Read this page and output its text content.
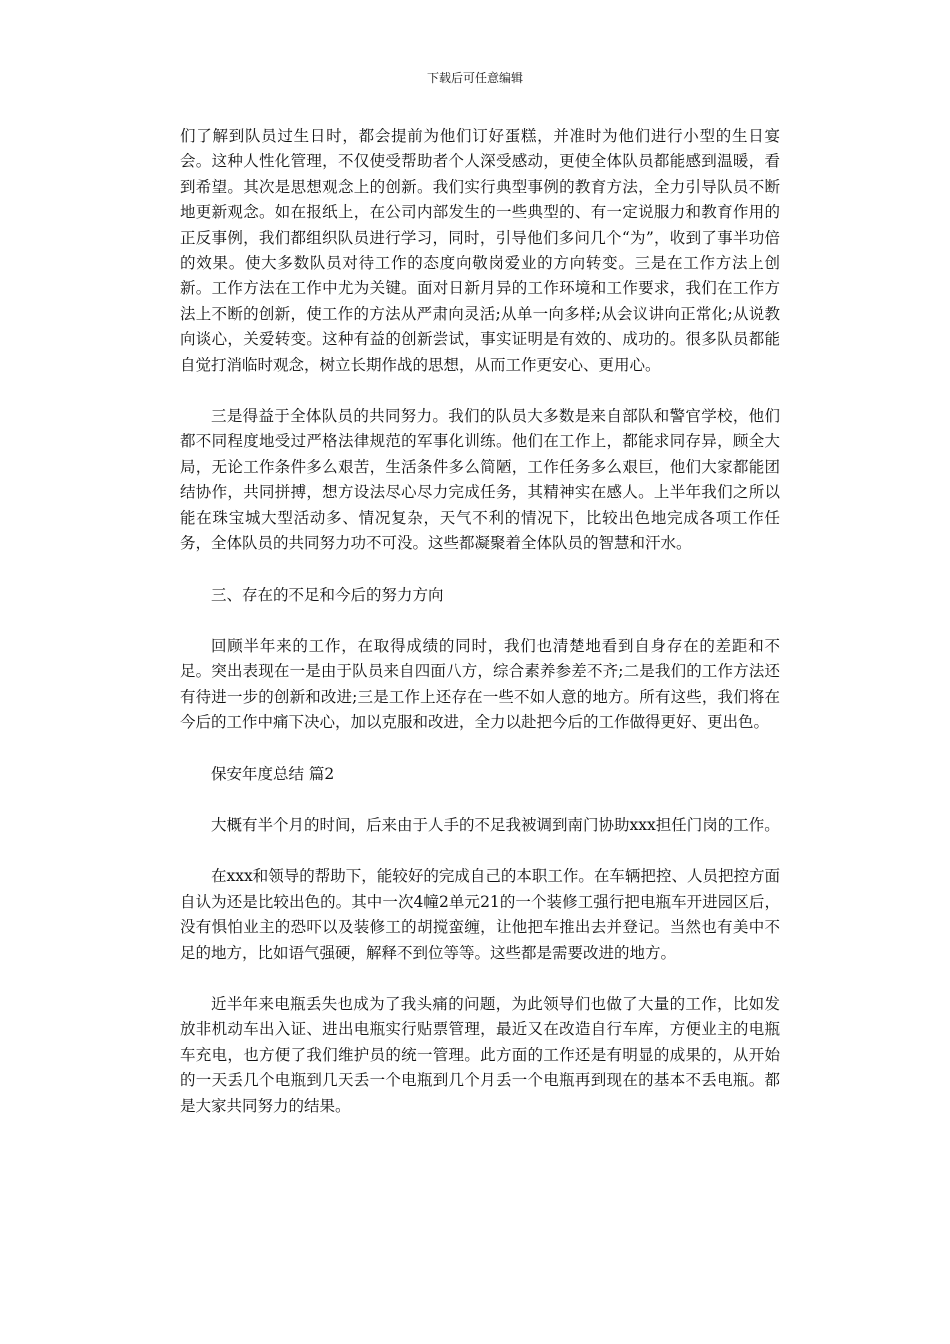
下载后可任意编辑

们了解到队员过生日时，都会提前为他们订好蛋糕，并准时为他们进行小型的生日宴会。这种人性化管理，不仅使受帮助者个人深受感动，更使全体队员都能感到温暖，看到希望。其次是思想观念上的创新。我们实行典型事例的教育方法，全力引导队员不断地更新观念。如在报纸上，在公司内部发生的一些典型的、有一定说服力和教育作用的正反事例，我们都组织队员进行学习，同时，引导他们多问几个“为”，收到了事半功倍的效果。使大多数队员对待工作的态度向敬岗爱业的方向转变。三是在工作方法上创新。工作方法在工作中尤为关键。面对日新月异的工作环境和工作要求，我们在工作方法上不断的创新，使工作的方法从严肃向灵活;从单一向多样;从会议讲向正常化;从说教向谈心，关爱转变。这种有益的创新尝试，事实证明是有效的、成功的。很多队员都能自觉打消临时观念，树立长期作战的思想，从而工作更安心、更用心。

三是得益于全体队员的共同努力。我们的队员大多数是来自部队和警官学校，他们都不同程度地受过严格法律规范的军事化训练。他们在工作上，都能求同存异，顾全大局，无论工作条件多么艰苦，生活条件多么简陋，工作任务多么艰巨，他们大家都能团结协作，共同拼搏，想方设法尽心尽力完成任务，其精神实在感人。上半年我们之所以能在珠宝城大型活动多、情况复杂，天气不利的情况下，比较出色地完成各项工作任务，全体队员的共同努力功不可没。这些都凝聚着全体队员的智慧和汗水。

三、存在的不足和今后的努力方向

回顾半年来的工作，在取得成绩的同时，我们也清楚地看到自身存在的差距和不足。突出表现在一是由于队员来自四面八方，综合素养参差不齐;二是我们的工作方法还有待进一步的创新和改进;三是工作上还存在一些不如人意的地方。所有这些，我们将在今后的工作中痛下决心，加以克服和改进，全力以赴把今后的工作做得更好、更出色。

保安年度总结 篇2

大概有半个月的时间，后来由于人手的不足我被调到南门协助xxx担任门岗的工作。

在xxx和领导的帮助下，能较好的完成自己的本职工作。在车辆把控、人员把控方面自认为还是比较出色的。其中一次4幢2单元21的一个装修工强行把电瓶车开进园区后，没有惧怕业主的恐吓以及装修工的胡搅蛮缠，让他把车推出去并登记。当然也有美中不足的地方，比如语气强硬，解释不到位等等。这些都是需要改进的地方。

近半年来电瓶丢失也成为了我头痛的问题，为此领导们也做了大量的工作，比如发放非机动车出入证、进出电瓶实行贴票管理，最近又在改造自行车库，方便业主的电瓶车充电，也方便了我们维护员的统一管理。此方面的工作还是有明显的成果的，从开始的一天丢几个电瓶到几天丢一个电瓶到几个月丢一个电瓶再到现在的基本不丢电瓶。都是大家共同努力的结果。
